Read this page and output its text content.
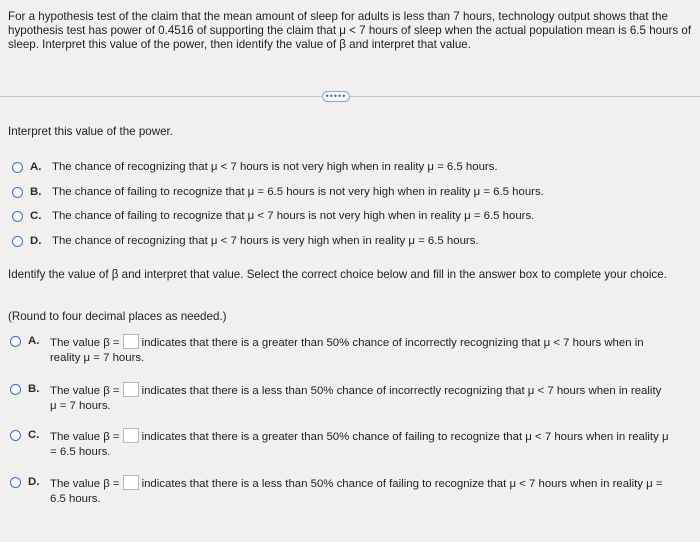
For a hypothesis test of the claim that the mean amount of sleep for adults is less than 7 hours, technology output shows that the hypothesis test has power of 0.4516 of supporting the claim that μ < 7 hours of sleep when the actual population mean is 6.5 hours of sleep. Interpret this value of the power, then identify the value of β and interpret that value.
•••••
Interpret this value of the power.
A. The chance of recognizing that μ < 7 hours is not very high when in reality μ = 6.5 hours.
B. The chance of failing to recognize that μ = 6.5 hours is not very high when in reality μ = 6.5 hours.
C. The chance of failing to recognize that μ < 7 hours is not very high when in reality μ = 6.5 hours.
D. The chance of recognizing that μ < 7 hours is very high when in reality μ = 6.5 hours.
Identify the value of β and interpret that value. Select the correct choice below and fill in the answer box to complete your choice.
(Round to four decimal places as needed.)
A. The value β = indicates that there is a greater than 50% chance of incorrectly recognizing that μ < 7 hours when in reality μ = 7 hours.
B. The value β = indicates that there is a less than 50% chance of incorrectly recognizing that μ < 7 hours when in reality μ = 7 hours.
C. The value β = indicates that there is a greater than 50% chance of failing to recognize that μ < 7 hours when in reality μ = 6.5 hours.
D. The value β = indicates that there is a less than 50% chance of failing to recognize that μ < 7 hours when in reality μ = 6.5 hours.
